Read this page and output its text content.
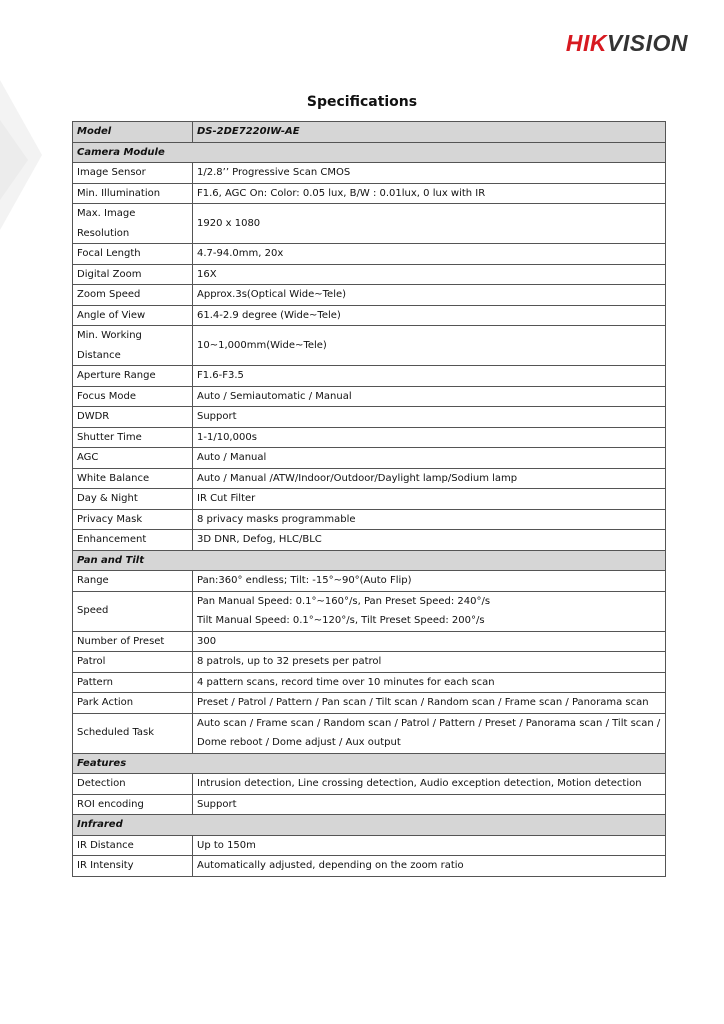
HIKVISION
Specifications
Model	DS-2DE7220IW-AE
Camera Module	
Image Sensor	1/2.8’’ Progressive Scan CMOS

Min. Illumination	F1.6, AGC On: Color: 0.05 lux, B/W : 0.01lux, 0 lux with IR

Max. Image Resolution	1920 x 1080

Focal Length	4.7-94.0mm, 20x

Digital Zoom	16X

Zoom Speed	Approx.3s(Optical Wide~Tele)

Angle of View	61.4-2.9 degree (Wide~Tele)

Min. Working Distance	10~1,000mm(Wide~Tele)

Aperture Range	F1.6-F3.5

Focus Mode	Auto / Semiautomatic / Manual

DWDR	Support

Shutter Time	1-1/10,000s

AGC	Auto / Manual

White Balance	Auto / Manual /ATW/Indoor/Outdoor/Daylight lamp/Sodium lamp

Day & Night	IR Cut Filter

Privacy Mask	8 privacy masks programmable

Enhancement	3D DNR, Defog, HLC/BLC

Pan and Tilt	
Range	Pan:360° endless; Tilt: -15°~90°(Auto Flip)

Speed	Pan Manual Speed: 0.1°~160°/s, Pan Preset Speed: 240°/s
Tilt Manual Speed: 0.1°~120°/s, Tilt Preset Speed: 200°/s

Number of Preset	300

Patrol	8 patrols, up to 32 presets per patrol

Pattern	4 pattern scans, record time over 10 minutes for each scan

Park Action	Preset / Patrol / Pattern / Pan scan / Tilt scan / Random scan / Frame scan / Panorama scan

Scheduled Task	Auto scan / Frame scan / Random scan / Patrol / Pattern / Preset / Panorama scan / Tilt scan /
Dome reboot / Dome adjust / Aux output

Features	
Detection	Intrusion detection, Line crossing detection, Audio exception detection, Motion detection

ROI encoding	Support

Infrared	
IR Distance	Up to 150m

IR Intensity	Automatically adjusted, depending on the zoom ratio
